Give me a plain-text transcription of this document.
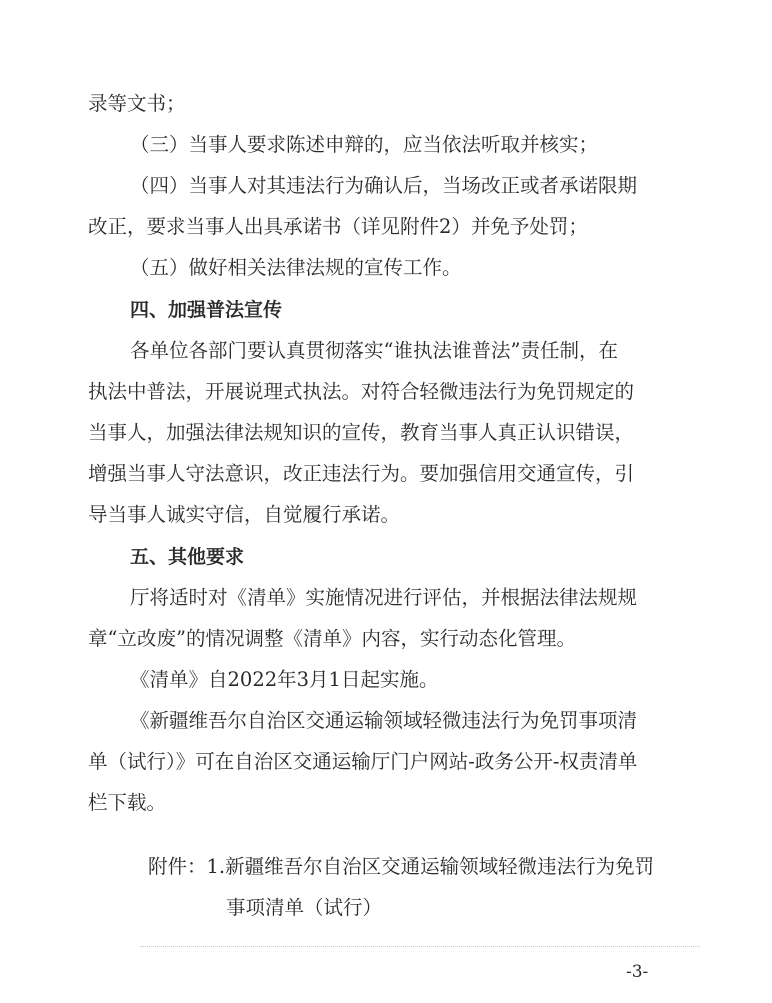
录等文书；

（三）当事人要求陈述申辩的，应当依法听取并核实；

（四）当事人对其违法行为确认后，当场改正或者承诺限期

改正，要求当事人出具承诺书（详见附件2）并免予处罚；

（五）做好相关法律法规的宣传工作。

四、加强普法宣传

各单位各部门要认真贯彻落实“谁执法谁普法”责任制，在

执法中普法，开展说理式执法。对符合轻微违法行为免罚规定的

当事人，加强法律法规知识的宣传，教育当事人真正认识错误，

增强当事人守法意识，改正违法行为。要加强信用交通宣传，引

导当事人诚实守信，自觉履行承诺。

五、其他要求

厅将适时对《清单》实施情况进行评估，并根据法律法规规

章“立改废”的情况调整《清单》内容，实行动态化管理。

《清单》自2022年3月1日起实施。

《新疆维吾尔自治区交通运输领域轻微违法行为免罚事项清

单（试行）》可在自治区交通运输厅门户网站-政务公开-权责清单

栏下载。

附件：1.新疆维吾尔自治区交通运输领域轻微违法行为免罚

事项清单（试行）

-3-
